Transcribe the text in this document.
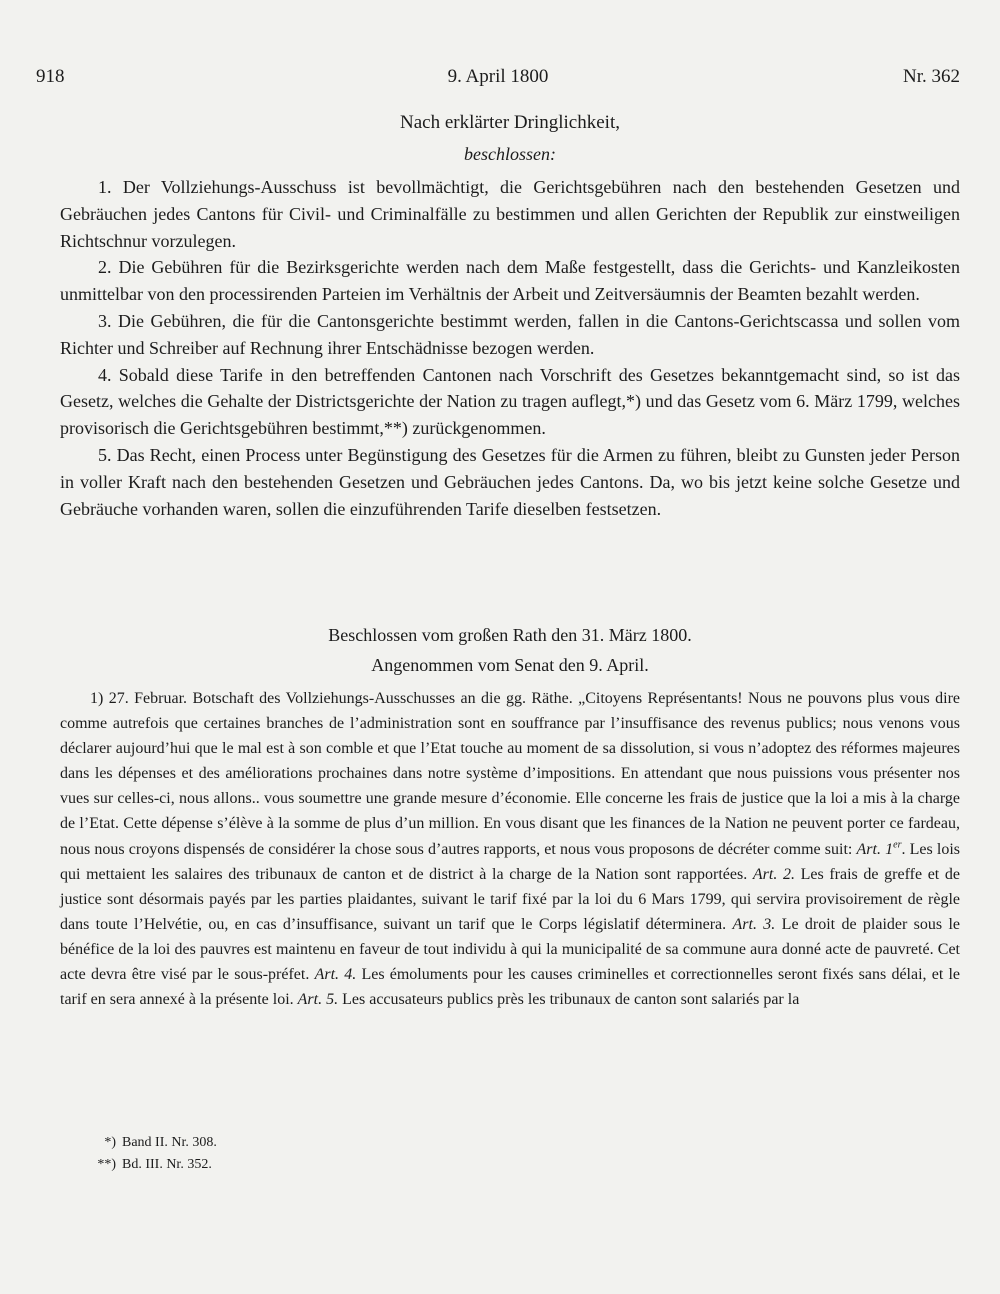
918	9. April 1800	Nr. 362
Nach erklärter Dringlichkeit,
beschlossen:

1. Der Vollziehungs-Ausschuss ist bevollmächtigt, die Gerichtsgebühren nach den bestehenden Gesetzen und Gebräuchen jedes Cantons für Civil- und Criminalfälle zu bestimmen und allen Gerichten der Republik zur einstweiligen Richtschnur vorzulegen.

2. Die Gebühren für die Bezirksgerichte werden nach dem Maße festgestellt, dass die Gerichts- und Kanzleikosten unmittelbar von den processirenden Parteien im Verhältnis der Arbeit und Zeitversäumnis der Beamten bezahlt werden.

3. Die Gebühren, die für die Cantonsgerichte bestimmt werden, fallen in die Cantons-Gerichtscassa und sollen vom Richter und Schreiber auf Rechnung ihrer Entschädnisse bezogen werden.

4. Sobald diese Tarife in den betreffenden Cantonen nach Vorschrift des Gesetzes bekanntgemacht sind, so ist das Gesetz, welches die Gehalte der Districtsgerichte der Nation zu tragen auflegt,*) und das Gesetz vom 6. März 1799, welches provisorisch die Gerichtsgebühren bestimmt,**) zurückgenommen.

5. Das Recht, einen Process unter Begünstigung des Gesetzes für die Armen zu führen, bleibt zu Gunsten jeder Person in voller Kraft nach den bestehenden Gesetzen und Gebräuchen jedes Cantons. Da, wo bis jetzt keine solche Gesetze und Gebräuche vorhanden waren, sollen die einzuführenden Tarife dieselben festsetzen.

Beschlossen vom großen Rath den 31. März 1800.
Angenommen vom Senat den 9. April.

1) 27. Februar. Botschaft des Vollziehungs-Ausschusses an die gg. Räthe. „Citoyens Représentants! Nous ne pouvons plus vous dire comme autrefois que certaines branches de l’administration sont en souffrance par l’insuffisance des revenus publics; nous venons vous déclarer aujourd’hui que le mal est à son comble et que l’Etat touche au moment de sa dissolution, si vous n’adoptez des réformes majeures dans les dépenses et des améliorations prochaines dans notre système d’impositions. En attendant que nous puissions vous présenter nos vues sur celles-ci, nous allons.. vous soumettre une grande mesure d’économie. Elle concerne les frais de justice que la loi a mis à la charge de l’Etat. Cette dépense s’élève à la somme de plus d’un million. En vous disant que les finances de la Nation ne peuvent porter ce fardeau, nous nous croyons dispensés de considérer la chose sous d’autres rapports, et nous vous proposons de décréter comme suit: Art. 1er. Les lois qui mettaient les salaires des tribunaux de canton et de district à la charge de la Nation sont rapportées. Art. 2. Les frais de greffe et de justice sont désormais payés par les parties plaidantes, suivant le tarif fixé par la loi du 6 Mars 1799, qui servira provisoirement de règle dans toute l’Helvétie, ou, en cas d’insuffisance, suivant un tarif que le Corps législatif déterminera. Art. 3. Le droit de plaider sous le bénéfice de la loi des pauvres est maintenu en faveur de tout individu à qui la municipalité de sa commune aura donné acte de pauvreté. Cet acte devra être visé par le sous-préfet. Art. 4. Les émoluments pour les causes criminelles et correctionnelles seront fixés sans délai, et le tarif en sera annexé à la présente loi. Art. 5. Les accusateurs publics près les tribunaux de canton sont salariés par la

*) Band II. Nr. 308.
**) Bd. III. Nr. 352.
